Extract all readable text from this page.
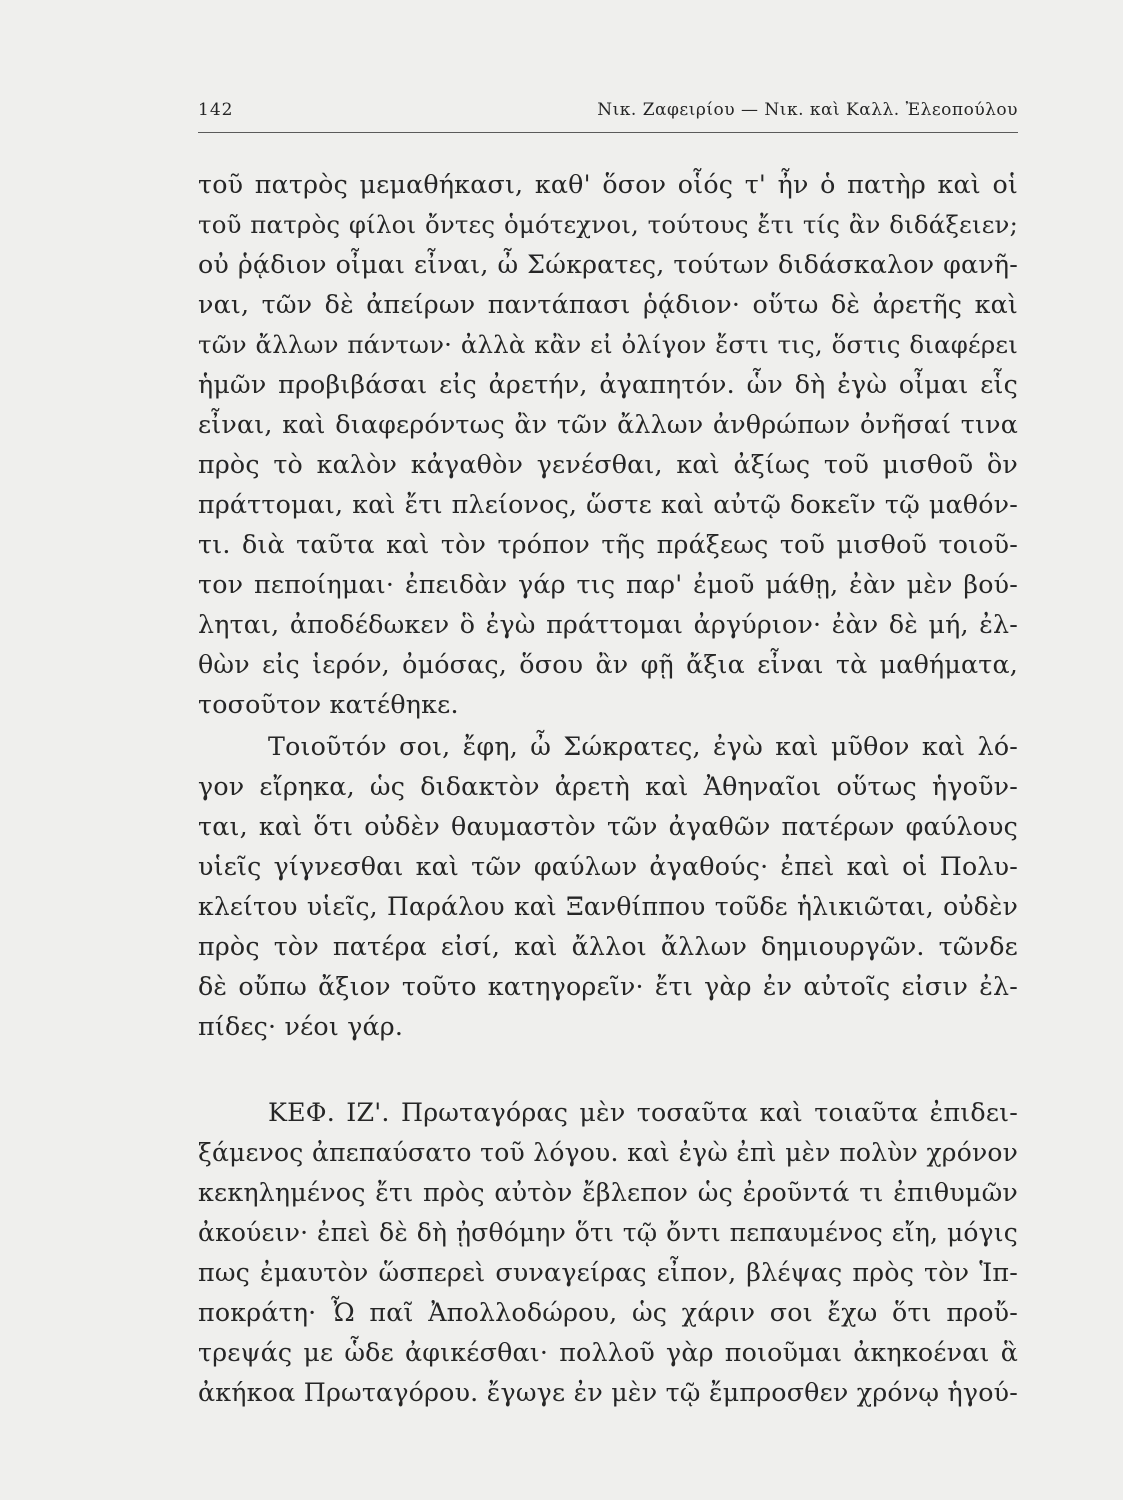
142	Νικ. Ζαφειρίου — Νικ. καὶ Καλλ. Ἐλεοπούλου
τοῦ πατρὸς μεμαθήκασι, καθ' ὅσον οἷός τ' ἦν ὁ πατὴρ καὶ οἱ
τοῦ πατρὸς φίλοι ὄντες ὁμότεχνοι, τούτους ἔτι τίς ἂν διδάξειεν;
οὐ ῥᾴδιον οἶμαι εἶναι, ὦ Σώκρατες, τούτων διδάσκαλον φανῆ-
ναι, τῶν δὲ ἀπείρων παντάπασι ῥᾴδιον· οὕτω δὲ ἀρετῆς καὶ
τῶν ἄλλων πάντων· ἀλλὰ κἂν εἰ ὀλίγον ἔστι τις, ὅστις διαφέρει
ἡμῶν προβιβάσαι εἰς ἀρετήν, ἀγαπητόν. ὧν δὴ ἐγὼ οἶμαι εἷς
εἶναι, καὶ διαφερόντως ἂν τῶν ἄλλων ἀνθρώπων ὀνῆσαί τινα
πρὸς τὸ καλὸν κἀγαθὸν γενέσθαι, καὶ ἀξίως τοῦ μισθοῦ ὃν
πράττομαι, καὶ ἔτι πλείονος, ὥστε καὶ αὐτῷ δοκεῖν τῷ μαθόν-
τι. διὰ ταῦτα καὶ τὸν τρόπον τῆς πράξεως τοῦ μισθοῦ τοιοῦ-
τον πεποίημαι· ἐπειδὰν γάρ τις παρ' ἐμοῦ μάθῃ, ἐὰν μὲν βού-
ληται, ἀποδέδωκεν ὃ ἐγὼ πράττομαι ἀργύριον· ἐὰν δὲ μή, ἐλ-
θὼν εἰς ἱερόν, ὀμόσας, ὅσου ἂν φῇ ἄξια εἶναι τὰ μαθήματα,
τοσοῦτον κατέθηκε.
Τοιοῦτόν σοι, ἔφη, ὦ Σώκρατες, ἐγὼ καὶ μῦθον καὶ λό-
γον εἴρηκα, ὡς διδακτὸν ἀρετὴ καὶ Ἀθηναῖοι οὕτως ἡγοῦν-
ται, καὶ ὅτι οὐδὲν θαυμαστὸν τῶν ἀγαθῶν πατέρων φαύλους
υἱεῖς γίγνεσθαι καὶ τῶν φαύλων ἀγαθούς· ἐπεὶ καὶ οἱ Πολυ-
κλείτου υἱεῖς, Παράλου καὶ Ξανθίππου τοῦδε ἡλικιῶται, οὐδὲν
πρὸς τὸν πατέρα εἰσί, καὶ ἄλλοι ἄλλων δημιουργῶν. τῶνδε
δὲ οὔπω ἄξιον τοῦτο κατηγορεῖν· ἔτι γὰρ ἐν αὐτοῖς εἰσιν ἐλ-
πίδες· νέοι γάρ.
ΚΕΦ. ΙΖ'. Πρωταγόρας μὲν τοσαῦτα καὶ τοιαῦτα ἐπιδει-
ξάμενος ἀπεπαύσατο τοῦ λόγου. καὶ ἐγὼ ἐπὶ μὲν πολὺν χρόνον
κεκηλημένος ἔτι πρὸς αὐτὸν ἔβλεπον ὡς ἐροῦντά τι ἐπιθυμῶν
ἀκούειν· ἐπεὶ δὲ δὴ ᾐσθόμην ὅτι τῷ ὄντι πεπαυμένος εἴη, μόγις
πως ἐμαυτὸν ὥσπερεὶ συναγείρας εἶπον, βλέψας πρὸς τὸν Ἱπ-
ποκράτη· Ὦ παῖ Ἀπολλοδώρου, ὡς χάριν σοι ἔχω ὅτι προὔ-
τρεψάς με ὧδε ἀφικέσθαι· πολλοῦ γὰρ ποιοῦμαι ἀκηκοέναι ἃ
ἀκήκοα Πρωταγόρου. ἔγωγε ἐν μὲν τῷ ἔμπροσθεν χρόνῳ ἡγού-
